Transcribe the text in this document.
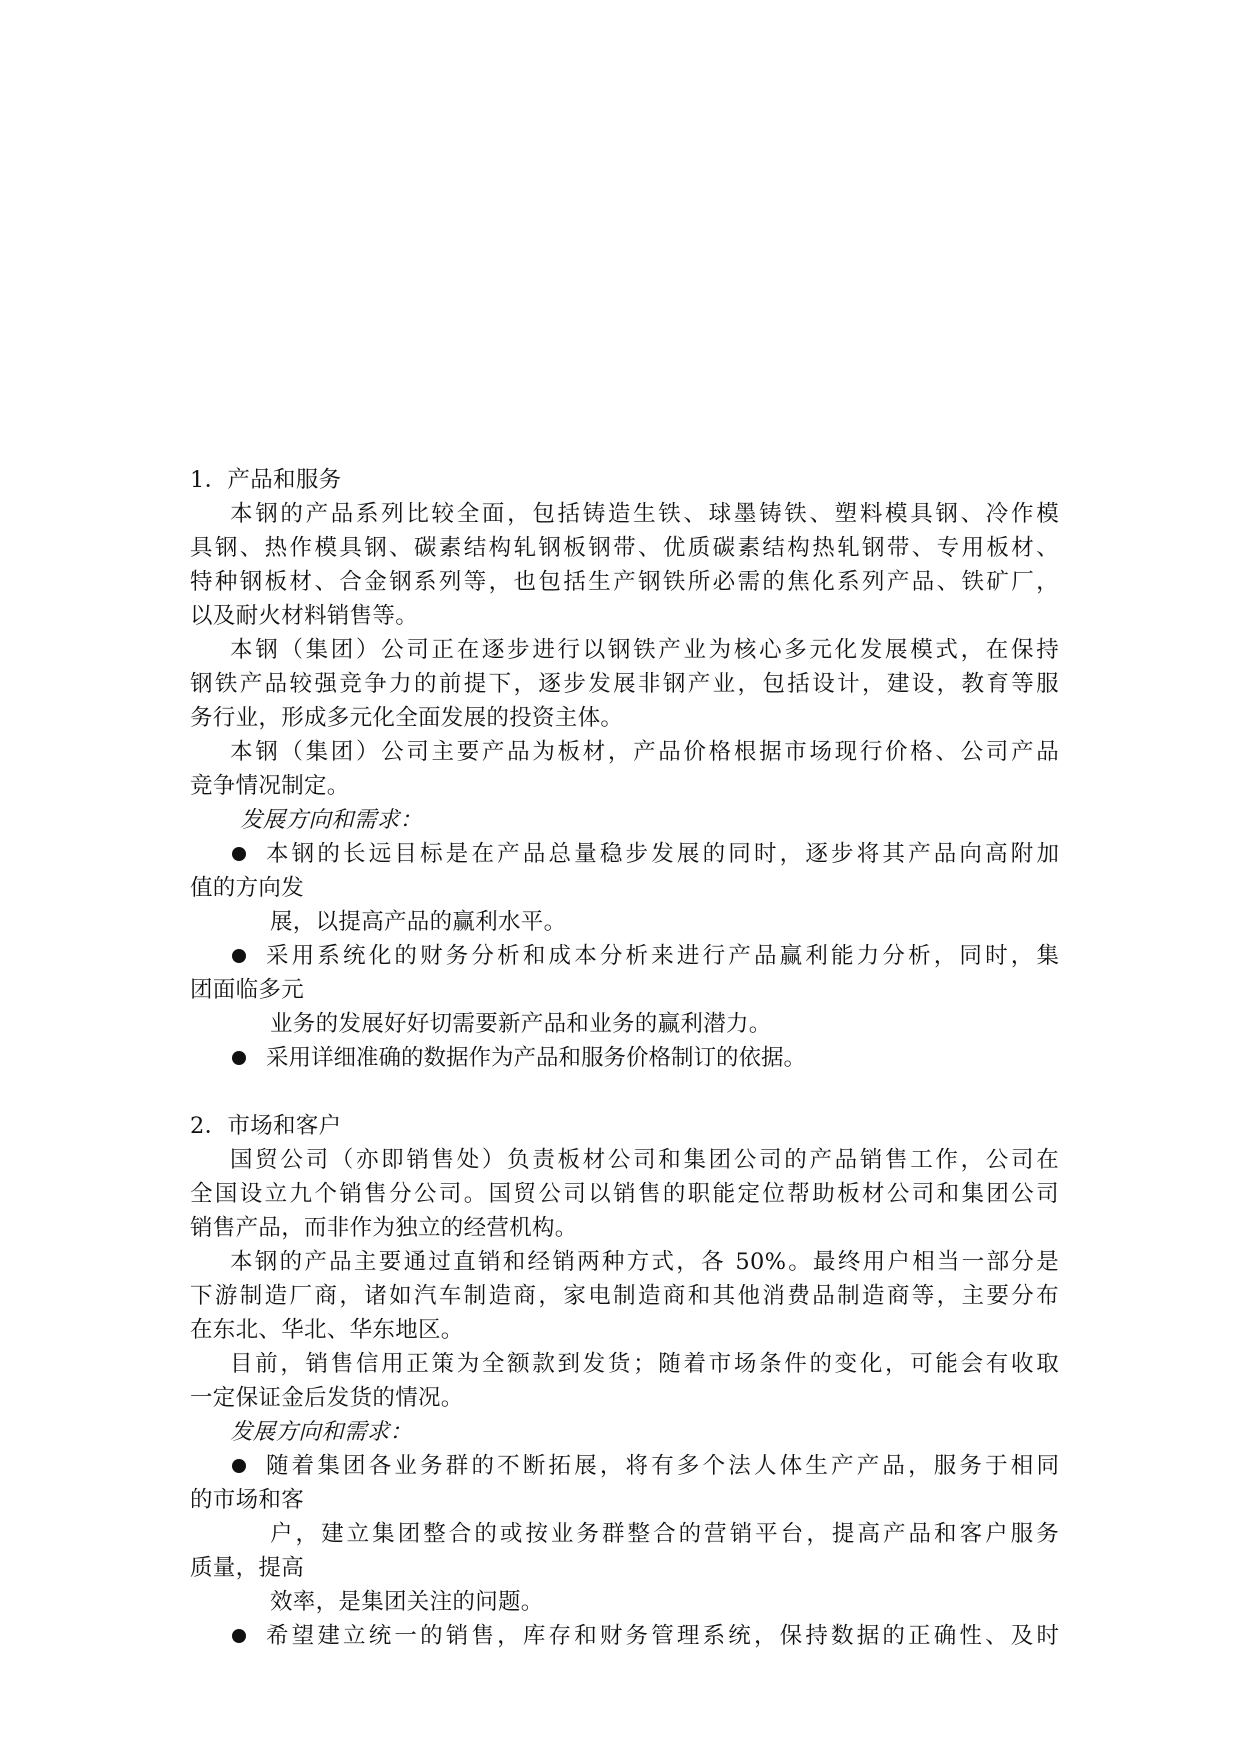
1．产品和服务
本钢的产品系列比较全面，包括铸造生铁、球墨铸铁、塑料模具钢、冷作模
具钢、热作模具钢、碳素结构轧钢板钢带、优质碳素结构热轧钢带、专用板材、
特种钢板材、合金钢系列等，也包括生产钢铁所必需的焦化系列产品、铁矿厂，
以及耐火材料销售等。
本钢（集团）公司正在逐步进行以钢铁产业为核心多元化发展模式，在保持
钢铁产品较强竞争力的前提下，逐步发展非钢产业，包括设计，建设，教育等服
务行业，形成多元化全面发展的投资主体。
本钢（集团）公司主要产品为板材，产品价格根据市场现行价格、公司产品
竞争情况制定。
发展方向和需求：
本钢的长远目标是在产品总量稳步发展的同时，逐步将其产品向高附加
值的方向发
展，以提高产品的赢利水平。
采用系统化的财务分析和成本分析来进行产品赢利能力分析，同时，集
团面临多元
业务的发展好好切需要新产品和业务的赢利潜力。
采用详细准确的数据作为产品和服务价格制订的依据。
2．市场和客户
国贸公司（亦即销售处）负责板材公司和集团公司的产品销售工作，公司在
全国设立九个销售分公司。国贸公司以销售的职能定位帮助板材公司和集团公司
销售产品，而非作为独立的经营机构。
本钢的产品主要通过直销和经销两种方式，各 50%。最终用户相当一部分是
下游制造厂商，诸如汽车制造商，家电制造商和其他消费品制造商等，主要分布
在东北、华北、华东地区。
目前，销售信用正策为全额款到发货；随着市场条件的变化，可能会有收取
一定保证金后发货的情况。
发展方向和需求：
随着集团各业务群的不断拓展，将有多个法人体生产产品，服务于相同
的市场和客
户，建立集团整合的或按业务群整合的营销平台，提高产品和客户服务
质量，提高
效率，是集团关注的问题。
希望建立统一的销售，库存和财务管理系统，保持数据的正确性、及时
